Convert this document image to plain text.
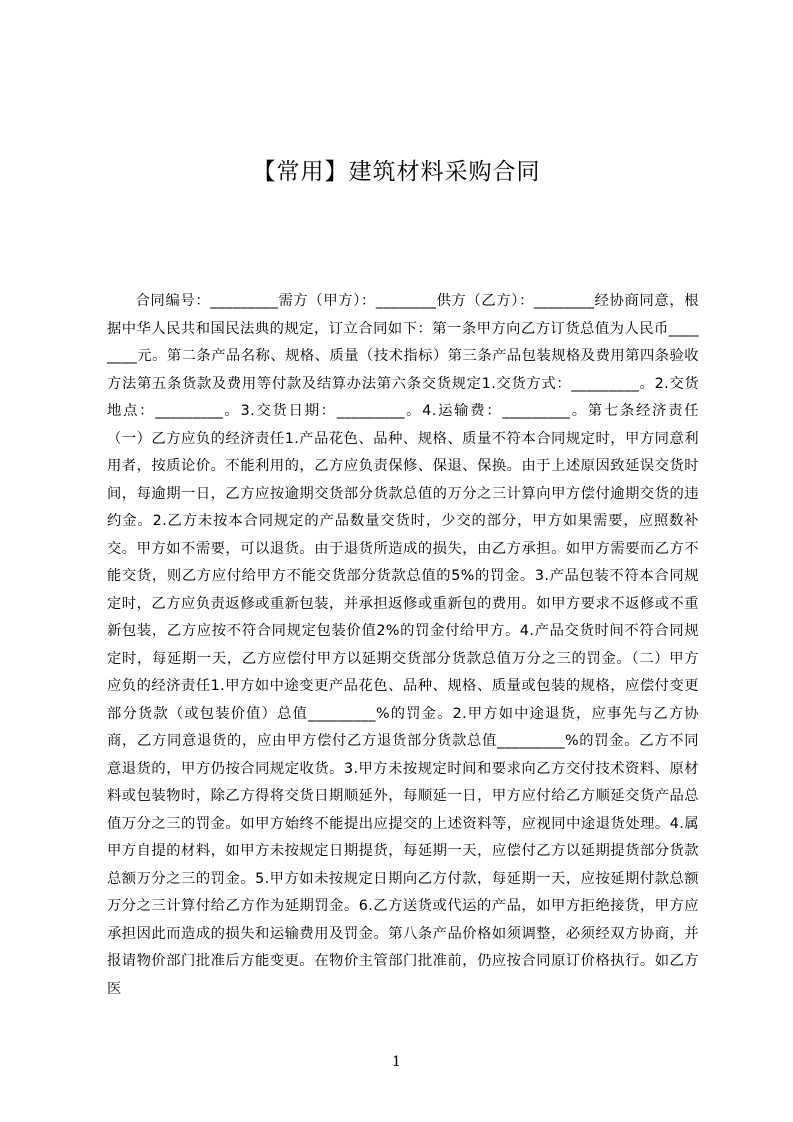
【常用】建筑材料采购合同

合同编号：_________需方（甲方）：________供方（乙方）：________经协商同意，根据中华人民共和国民法典的规定，订立合同如下：第一条甲方向乙方订货总值为人民币________元。第二条产品名称、规格、质量（技术指标）第三条产品包装规格及费用第四条验收方法第五条货款及费用等付款及结算办法第六条交货规定1.交货方式：_________。2.交货地点：_________。3.交货日期：_________。4.运输费：_________。第七条经济责任（一）乙方应负的经济责任1.产品花色、品种、规格、质量不符本合同规定时，甲方同意利用者，按质论价。不能利用的，乙方应负责保修、保退、保换。由于上述原因致延误交货时间，每逾期一日，乙方应按逾期交货部分货款总值的万分之三计算向甲方偿付逾期交货的违约金。2.乙方未按本合同规定的产品数量交货时，少交的部分，甲方如果需要，应照数补交。甲方如不需要，可以退货。由于退货所造成的损失，由乙方承担。如甲方需要而乙方不能交货，则乙方应付给甲方不能交货部分货款总值的5%的罚金。3.产品包装不符本合同规定时，乙方应负责返修或重新包装，并承担返修或重新包的费用。如甲方要求不返修或不重新包装，乙方应按不符合同规定包装价值2%的罚金付给甲方。4.产品交货时间不符合同规定时，每延期一天，乙方应偿付甲方以延期交货部分货款总值万分之三的罚金。（二）甲方应负的经济责任1.甲方如中途变更产品花色、品种、规格、质量或包装的规格，应偿付变更部分货款（或包装价值）总值_________%的罚金。2.甲方如中途退货，应事先与乙方协商，乙方同意退货的，应由甲方偿付乙方退货部分货款总值_________%的罚金。乙方不同意退货的，甲方仍按合同规定收货。3.甲方未按规定时间和要求向乙方交付技术资料、原材料或包装物时，除乙方得将交货日期顺延外，每顺延一日，甲方应付给乙方顺延交货产品总值万分之三的罚金。如甲方始终不能提出应提交的上述资料等，应视同中途退货处理。4.属甲方自提的材料，如甲方未按规定日期提货，每延期一天，应偿付乙方以延期提货部分货款总额万分之三的罚金。5.甲方如未按规定日期向乙方付款，每延期一天，应按延期付款总额万分之三计算付给乙方作为延期罚金。6.乙方送货或代运的产品，如甲方拒绝接货，甲方应承担因此而造成的损失和运输费用及罚金。第八条产品价格如须调整，必须经双方协商，并报请物价部门批准后方能变更。在物价主管部门批准前，仍应按合同原订价格执行。如乙方医

1
